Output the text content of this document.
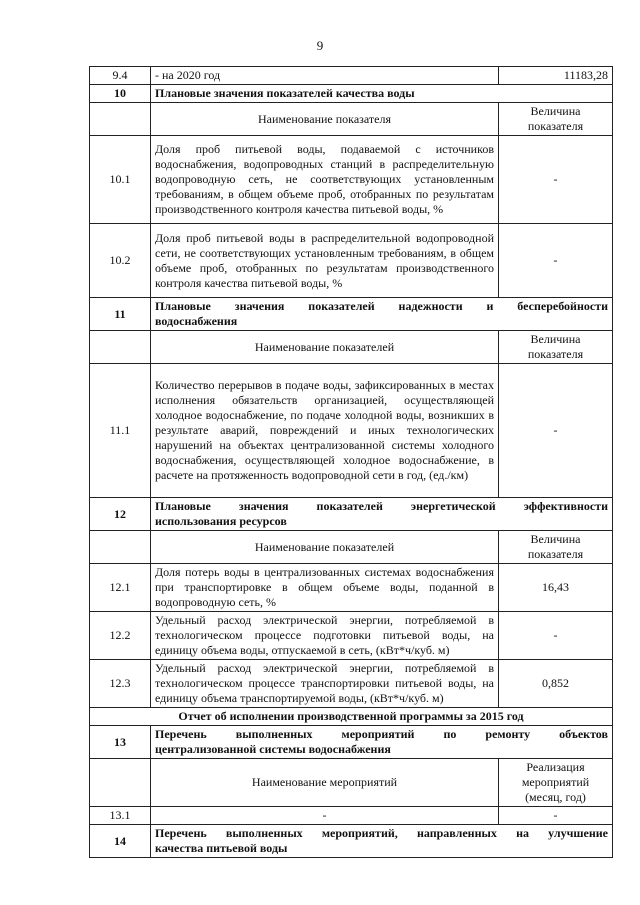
9
9.4	- на 2020 год	11183,28
10	Плановые значения показателей качества воды	
	Наименование показателя	Величина показателя
10.1	Доля проб питьевой воды, подаваемой с источников водоснабжения, водопроводных станций в распределительную водопроводную сеть, не соответствующих установленным требованиям, в общем объеме проб, отобранных по результатам производственного контроля качества питьевой воды, %	-
10.2	Доля проб питьевой воды в распределительной водопроводной сети, не соответствующих установленным требованиям, в общем объеме проб, отобранных по результатам производственного контроля качества питьевой воды, %	-
11	Плановые значения показателей надежности и бесперебойности
водоснабжения	

	Наименование показателей	Величина показателя
11.1	Количество перерывов в подаче воды, зафиксированных в местах исполнения обязательств организацией, осуществляющей холодное водоснабжение, по подаче холодной воды, возникших в результате аварий, повреждений и иных технологических нарушений на объектах централизованной системы холодного водоснабжения, осуществляющей холодное водоснабжение, в расчете на протяженность водопроводной сети в год, (ед./км)	-
12	Плановые значения показателей энергетической эффективности
использования ресурсов	

	Наименование показателей	Величина показателя
12.1	Доля потерь воды в централизованных системах водоснабжения при транспортировке в общем объеме воды, поданной в водопроводную сеть, %	16,43
12.2	Удельный расход электрической энергии, потребляемой в технологическом процессе подготовки питьевой воды, на единицу объема воды, отпускаемой в сеть, (кВт*ч/куб. м)	-
12.3	Удельный расход электрической энергии, потребляемой в технологическом процессе транспортировки питьевой воды, на единицу объема транспортируемой воды, (кВт*ч/куб. м)	0,852
Отчет об исполнении производственной программы за 2015 год		
13	Перечень выполненных мероприятий по ремонту объектов
централизованной системы водоснабжения	

	Наименование мероприятий	Реализация мероприятий (месяц, год)
13.1	-	-
14	Перечень выполненных мероприятий, направленных на улучшение
качества питьевой воды	
